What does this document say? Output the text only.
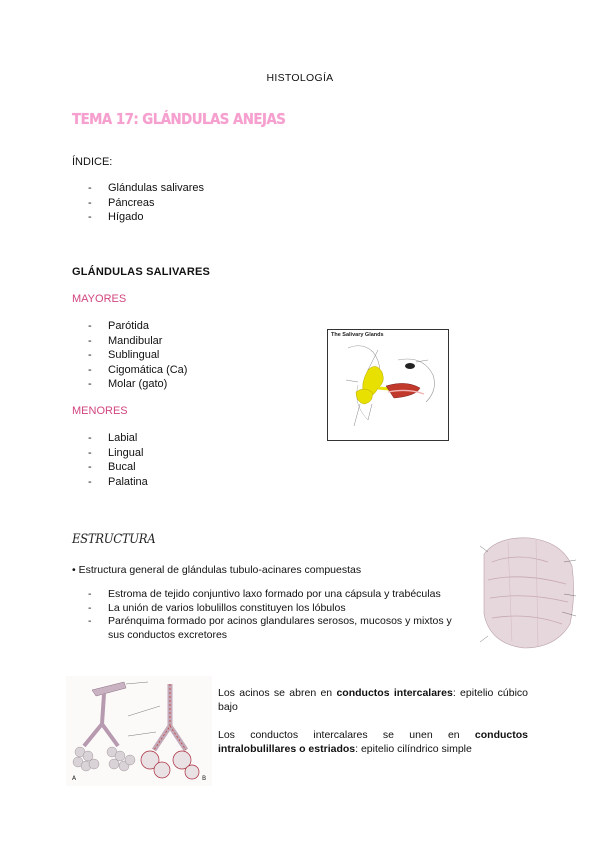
HISTOLOGÍA
TEMA 17: GLÁNDULAS ANEJAS
ÍNDICE:
- Glándulas salivares
- Páncreas
- Hígado
GLÁNDULAS SALIVARES
MAYORES
- Parótida
- Mandibular
- Sublingual
- Cigomática (Ca)
- Molar (gato)
MENORES
- Labial
- Lingual
- Bucal
- Palatina
The Salivary Glands
ESTRUCTURA
• Estructura general de glándulas tubulo-acinares compuestas
- Estroma de tejido conjuntivo laxo formado por una cápsula y trabéculas
- La unión de varios lobulillos constituyen los lóbulos
- Parénquima formado por acinos glandulares serosos, mucosos y mixtos y sus conductos excretores
A	B
Los acinos se abren en conductos intercalares: epitelio cúbico bajo
Los conductos intercalares se unen en conductos intralobulillares o estriados: epitelio cilíndrico simple
